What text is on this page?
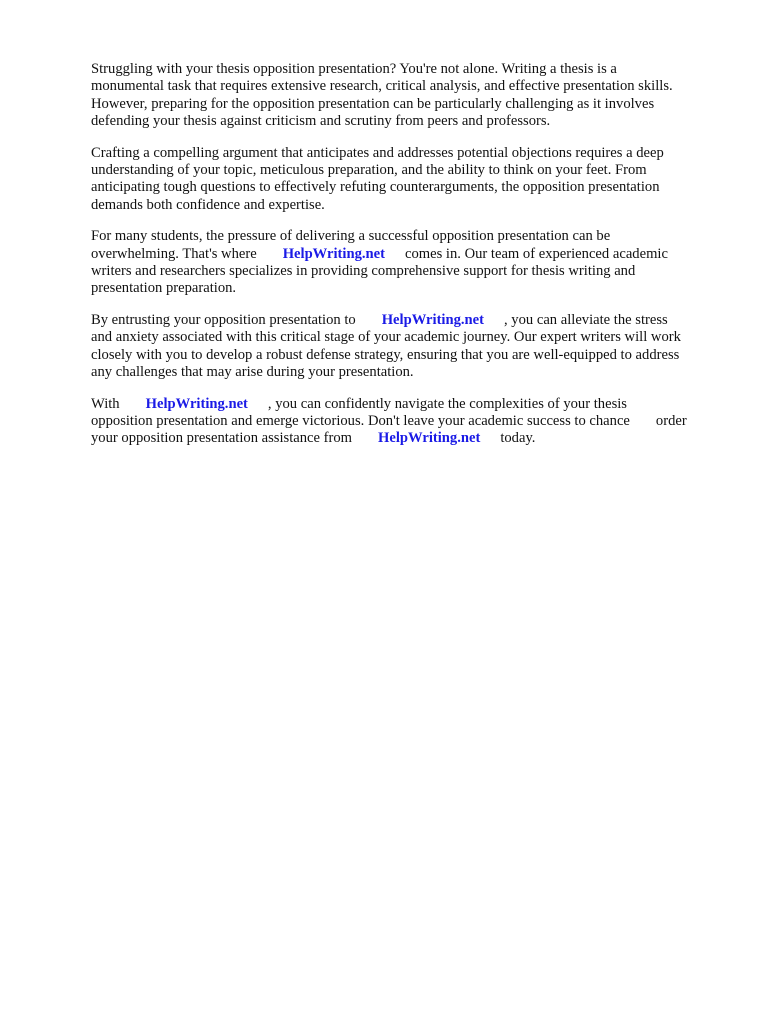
Struggling with your thesis opposition presentation? You're not alone. Writing a thesis is a
monumental task that requires extensive research, critical analysis, and effective presentation skills.
However, preparing for the opposition presentation can be particularly challenging as it involves
defending your thesis against criticism and scrutiny from peers and professors.

Crafting a compelling argument that anticipates and addresses potential objections requires a deep
understanding of your topic, meticulous preparation, and the ability to think on your feet. From
anticipating tough questions to effectively refuting counterarguments, the opposition presentation
demands both confidence and expertise.

For many students, the pressure of delivering a successful opposition presentation can be
overwhelming. That's where HelpWriting.net comes in. Our team of experienced academic
writers and researchers specializes in providing comprehensive support for thesis writing and
presentation preparation.

By entrusting your opposition presentation to HelpWriting.net , you can alleviate the stress
and anxiety associated with this critical stage of your academic journey. Our expert writers will work
closely with you to develop a robust defense strategy, ensuring that you are well-equipped to address
any challenges that may arise during your presentation.

With HelpWriting.net , you can confidently navigate the complexities of your thesis
opposition presentation and emerge victorious. Don't leave your academic success to chance order
your opposition presentation assistance from HelpWriting.net today.
